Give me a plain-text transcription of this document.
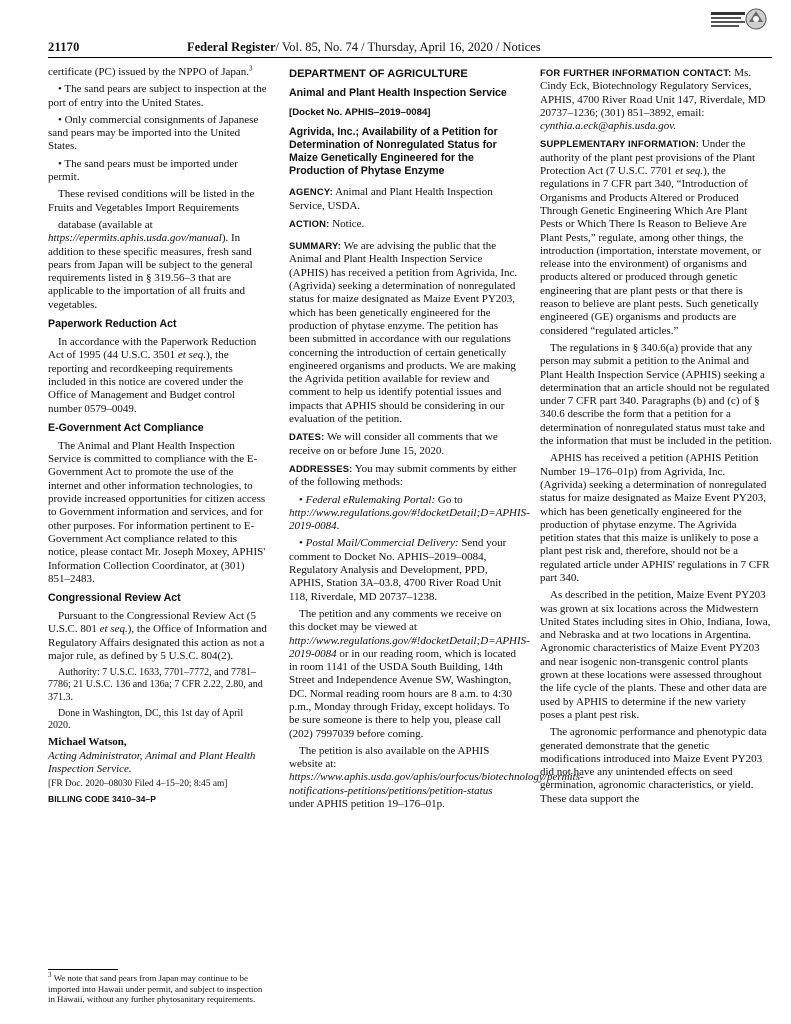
21170	Federal Register/ Vol. 85, No. 74 / Thursday, April 16, 2020 / Notices

certificate (PC) issued by the NPPO of Japan.$^3$

• The sand pears are subject to inspection at the port of entry into the United States.

• Only commercial consignments of Japanese sand pears may be imported into the United States.

• The sand pears must be imported under permit.

These revised conditions will be listed in the Fruits and Vegetables Import Requirements

database (available at https://epermits.aphis.usda.gov/manual). In addition to these specific measures, fresh sand pears from Japan will be subject to the general requirements listed in § 319.56–3 that are applicable to the importation of all fruits and vegetables.

Paperwork Reduction Act

In accordance with the Paperwork Reduction Act of 1995 (44 U.S.C. 3501 et seq.), the reporting and recordkeeping requirements included in this notice are covered under the Office of Management and Budget control number 0579–0049.

E-Government Act Compliance

The Animal and Plant Health Inspection Service is committed to compliance with the E-Government Act to promote the use of the internet and other information technologies, to provide increased opportunities for citizen access to Government information and services, and for other purposes. For information pertinent to E-Government Act compliance related to this notice, please contact Mr. Joseph Moxey, APHIS' Information Collection Coordinator, at (301) 851–2483.

Congressional Review Act

Pursuant to the Congressional Review Act (5 U.S.C. 801 et seq.), the Office of Information and Regulatory Affairs designated this action as not a major rule, as defined by 5 U.S.C. 804(2).

Authority: 7 U.S.C. 1633, 7701–7772, and 7781–7786; 21 U.S.C. 136 and 136a; 7 CFR 2.22, 2.80, and 371.3.

Done in Washington, DC, this 1st day of April 2020.

Michael Watson,

Acting Administrator, Animal and Plant Health Inspection Service.

[FR Doc. 2020–08030 Filed 4–15–20; 8:45 am]

BILLING CODE 3410–34–P

$^3$ We note that sand pears from Japan may continue to be imported into Hawaii under permit, and subject to inspection in Hawaii, without any further phytosanitary requirements.
DEPARTMENT OF AGRICULTURE
Animal and Plant Health Inspection Service
[Docket No. APHIS–2019–0084]
Agrivida, Inc.; Availability of a Petition for Determination of Nonregulated Status for Maize Genetically Engineered for the Production of Phytase Enzyme

AGENCY: Animal and Plant Health Inspection Service, USDA.

ACTION: Notice.

SUMMARY: We are advising the public that the Animal and Plant Health Inspection Service (APHIS) has received a petition from Agrivida, Inc. (Agrivida) seeking a determination of nonregulated status for maize designated as Maize Event PY203, which has been genetically engineered for the production of phytase enzyme. The petition has been submitted in accordance with our regulations concerning the introduction of certain genetically engineered organisms and products. We are making the Agrivida petition available for review and comment to help us identify potential issues and impacts that APHIS should be considering in our evaluation of the petition.

DATES: We will consider all comments that we receive on or before June 15, 2020.

ADDRESSES: You may submit comments by either of the following methods:

• Federal eRulemaking Portal: Go to http://www.regulations.gov/#!docketDetail;D=APHIS-2019-0084.

• Postal Mail/Commercial Delivery: Send your comment to Docket No. APHIS–2019–0084, Regulatory Analysis and Development, PPD, APHIS, Station 3A–03.8, 4700 River Road Unit 118, Riverdale, MD 20737–1238.

The petition and any comments we receive on this docket may be viewed at http://www.regulations.gov/#!docketDetail;D=APHIS-2019-0084 or in our reading room, which is located in room 1141 of the USDA South Building, 14th Street and Independence Avenue SW, Washington, DC. Normal reading room hours are 8 a.m. to 4:30 p.m., Monday through Friday, except holidays. To be sure someone is there to help you, please call (202) 7997039 before coming.

The petition is also available on the APHIS website at: https://www.aphis.usda.gov/aphis/ourfocus/biotechnology/permits-notifications-petitions/petitions/petition-status under APHIS petition 19–176–01p.

FOR FURTHER INFORMATION CONTACT: Ms. Cindy Eck, Biotechnology Regulatory Services, APHIS, 4700 River Road Unit 147, Riverdale, MD 20737–1236; (301) 851–3892, email: cynthia.a.eck@aphis.usda.gov.

SUPPLEMENTARY INFORMATION: Under the authority of the plant pest provisions of the Plant Protection Act (7 U.S.C. 7701 et seq.), the regulations in 7 CFR part 340, “Introduction of Organisms and Products Altered or Produced Through Genetic Engineering Which Are Plant Pests or Which There Is Reason to Believe Are Plant Pests,” regulate, among other things, the introduction (importation, interstate movement, or release into the environment) of organisms and products altered or produced through genetic engineering that are plant pests or that there is reason to believe are plant pests. Such genetically engineered (GE) organisms and products are considered “regulated articles.”

The regulations in § 340.6(a) provide that any person may submit a petition to the Animal and Plant Health Inspection Service (APHIS) seeking a determination that an article should not be regulated under 7 CFR part 340. Paragraphs (b) and (c) of § 340.6 describe the form that a petition for a determination of nonregulated status must take and the information that must be included in the petition.

APHIS has received a petition (APHIS Petition Number 19–176–01p) from Agrivida, Inc. (Agrivida) seeking a determination of nonregulated status for maize designated as Maize Event PY203, which has been genetically engineered for the production of phytase enzyme. The Agrivida petition states that this maize is unlikely to pose a plant pest risk and, therefore, should not be a regulated article under APHIS' regulations in 7 CFR part 340.

As described in the petition, Maize Event PY203 was grown at six locations across the Midwestern United States including sites in Ohio, Indiana, Iowa, and Nebraska and at two locations in Argentina. Agronomic characteristics of Maize Event PY203 and near isogenic non-transgenic control plants grown at these locations were assessed throughout the life cycle of the plants. These and other data are used by APHIS to determine if the new variety poses a plant pest risk.

The agronomic performance and phenotypic data generated demonstrate that the genetic modifications introduced into Maize Event PY203 did not have any unintended effects on seed germination, agronomic characteristics, or yield. These data support the
